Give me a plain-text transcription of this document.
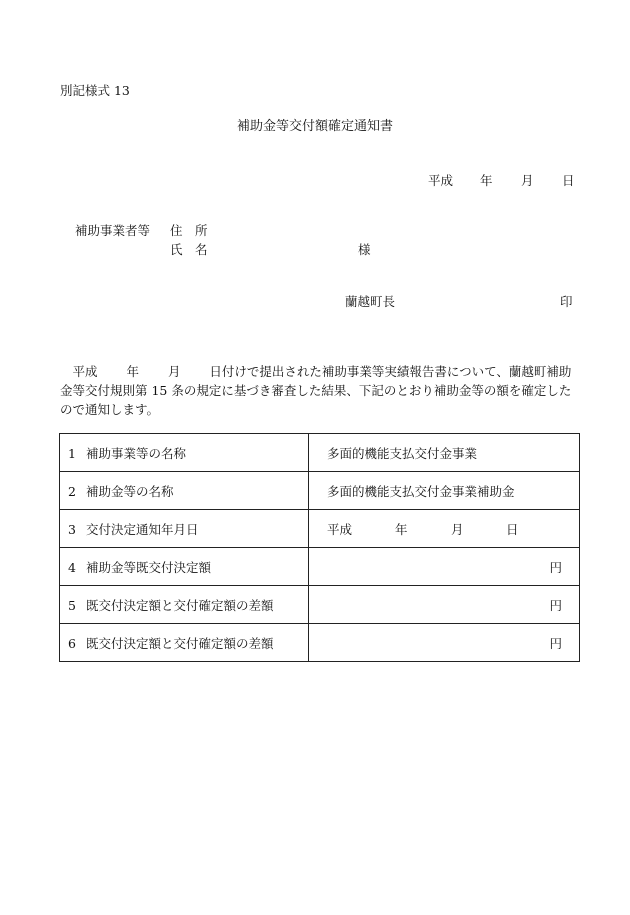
別記様式 13
補助金等交付額確定通知書

平成

年

月

日

補助事業者等 住　所
氏　名	様
蘭越町長	印
　平成　　 年　　 月　　 日付けで提出された補助事業等実績報告書について、蘭越町補助金等交付規則第 15 条の規定に基づき審査した結果、下記のとおり補助金等の額を確定したので通知します。
1 補助事業等の名称	多面的機能支払交付金事業
2 補助金等の名称	多面的機能支払交付金事業補助金
3 交付決定通知年月日	平成 年 月 日

4 補助金等既交付決定額	円

5 既交付決定額と交付確定額の差額	円

6 既交付決定額と交付確定額の差額	円
